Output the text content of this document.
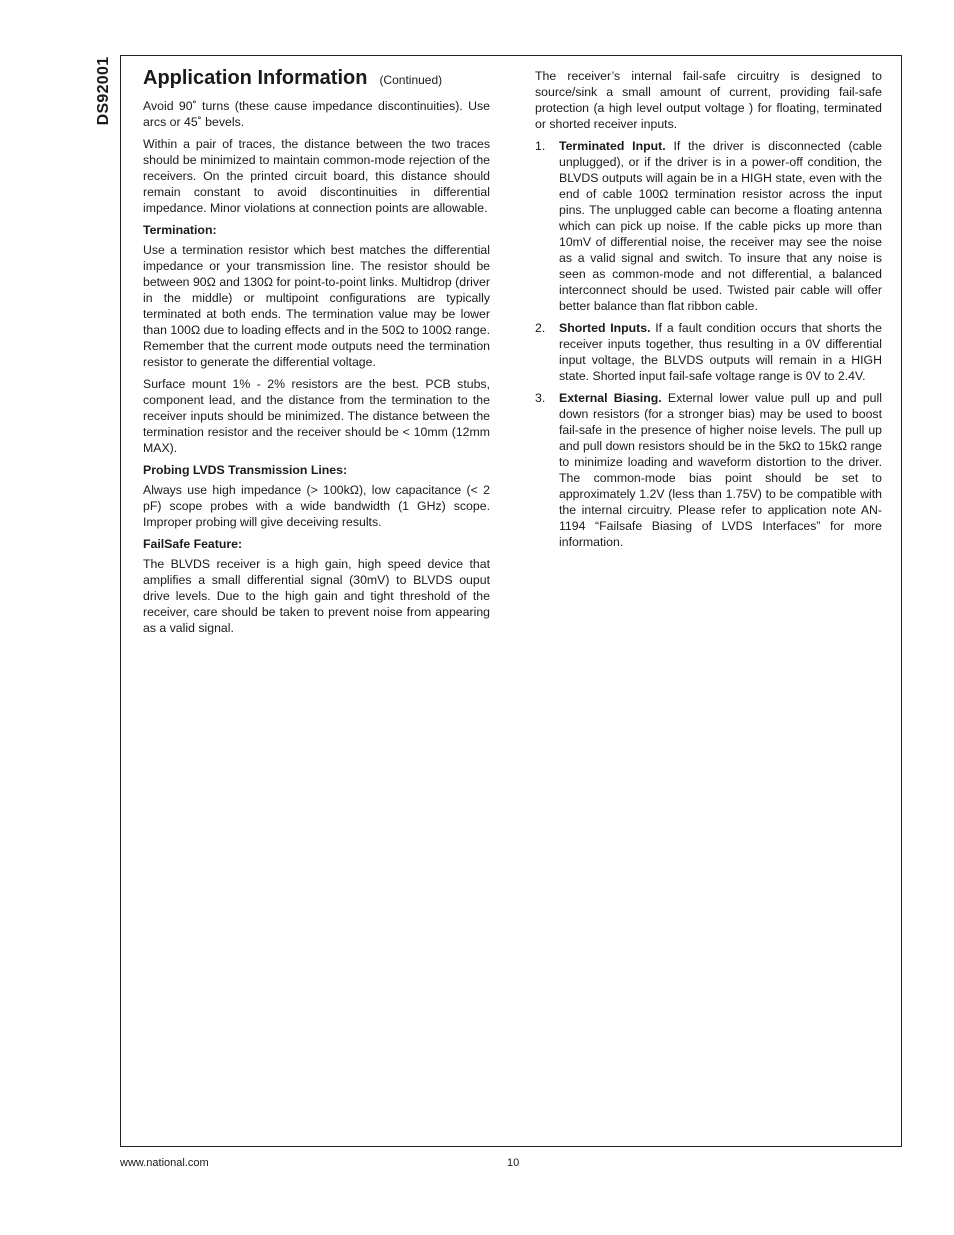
DS92001 Application Information (Continued)

Avoid 90˚ turns (these cause impedance discontinuities). Use arcs or 45˚ bevels.

Within a pair of traces, the distance between the two traces should be minimized to maintain common-mode rejection of the receivers. On the printed circuit board, this distance should remain constant to avoid discontinuities in differential impedance. Minor violations at connection points are allowable.

Termination:

Use a termination resistor which best matches the differential impedance or your transmission line. The resistor should be between 90Ω and 130Ω for point-to-point links. Multidrop (driver in the middle) or multipoint configurations are typically terminated at both ends. The termination value may be lower than 100Ω due to loading effects and in the 50Ω to 100Ω range. Remember that the current mode outputs need the termination resistor to generate the differential voltage.

Surface mount 1% - 2% resistors are the best. PCB stubs, component lead, and the distance from the termination to the receiver inputs should be minimized. The distance between the termination resistor and the receiver should be < 10mm (12mm MAX).

Probing LVDS Transmission Lines:

Always use high impedance (> 100kΩ), low capacitance (< 2 pF) scope probes with a wide bandwidth (1 GHz) scope. Improper probing will give deceiving results.

FailSafe Feature:

The BLVDS receiver is a high gain, high speed device that amplifies a small differential signal (30mV) to BLVDS ouput drive levels. Due to the high gain and tight threshold of the receiver, care should be taken to prevent noise from appearing as a valid signal.

The receiver’s internal fail-safe circuitry is designed to source/sink a small amount of current, providing fail-safe protection (a high level output voltage ) for floating, terminated or shorted receiver inputs.

1. Terminated Input. If the driver is disconnected (cable unplugged), or if the driver is in a power-off condition, the BLVDS outputs will again be in a HIGH state, even with the end of cable 100Ω termination resistor across the input pins. The unplugged cable can become a floating antenna which can pick up noise. If the cable picks up more than 10mV of differential noise, the receiver may see the noise as a valid signal and switch. To insure that any noise is seen as common-mode and not differential, a balanced interconnect should be used. Twisted pair cable will offer better balance than flat ribbon cable.
2. Shorted Inputs. If a fault condition occurs that shorts the receiver inputs together, thus resulting in a 0V differential input voltage, the BLVDS outputs will remain in a HIGH state. Shorted input fail-safe voltage range is 0V to 2.4V.
3. External Biasing. External lower value pull up and pull down resistors (for a stronger bias) may be used to boost fail-safe in the presence of higher noise levels. The pull up and pull down resistors should be in the 5kΩ to 15kΩ range to minimize loading and waveform distortion to the driver. The common-mode bias point should be set to approximately 1.2V (less than 1.75V) to be compatible with the internal circuitry. Please refer to application note AN-1194 “Failsafe Biasing of LVDS Interfaces” for more information.
www.national.com	10
